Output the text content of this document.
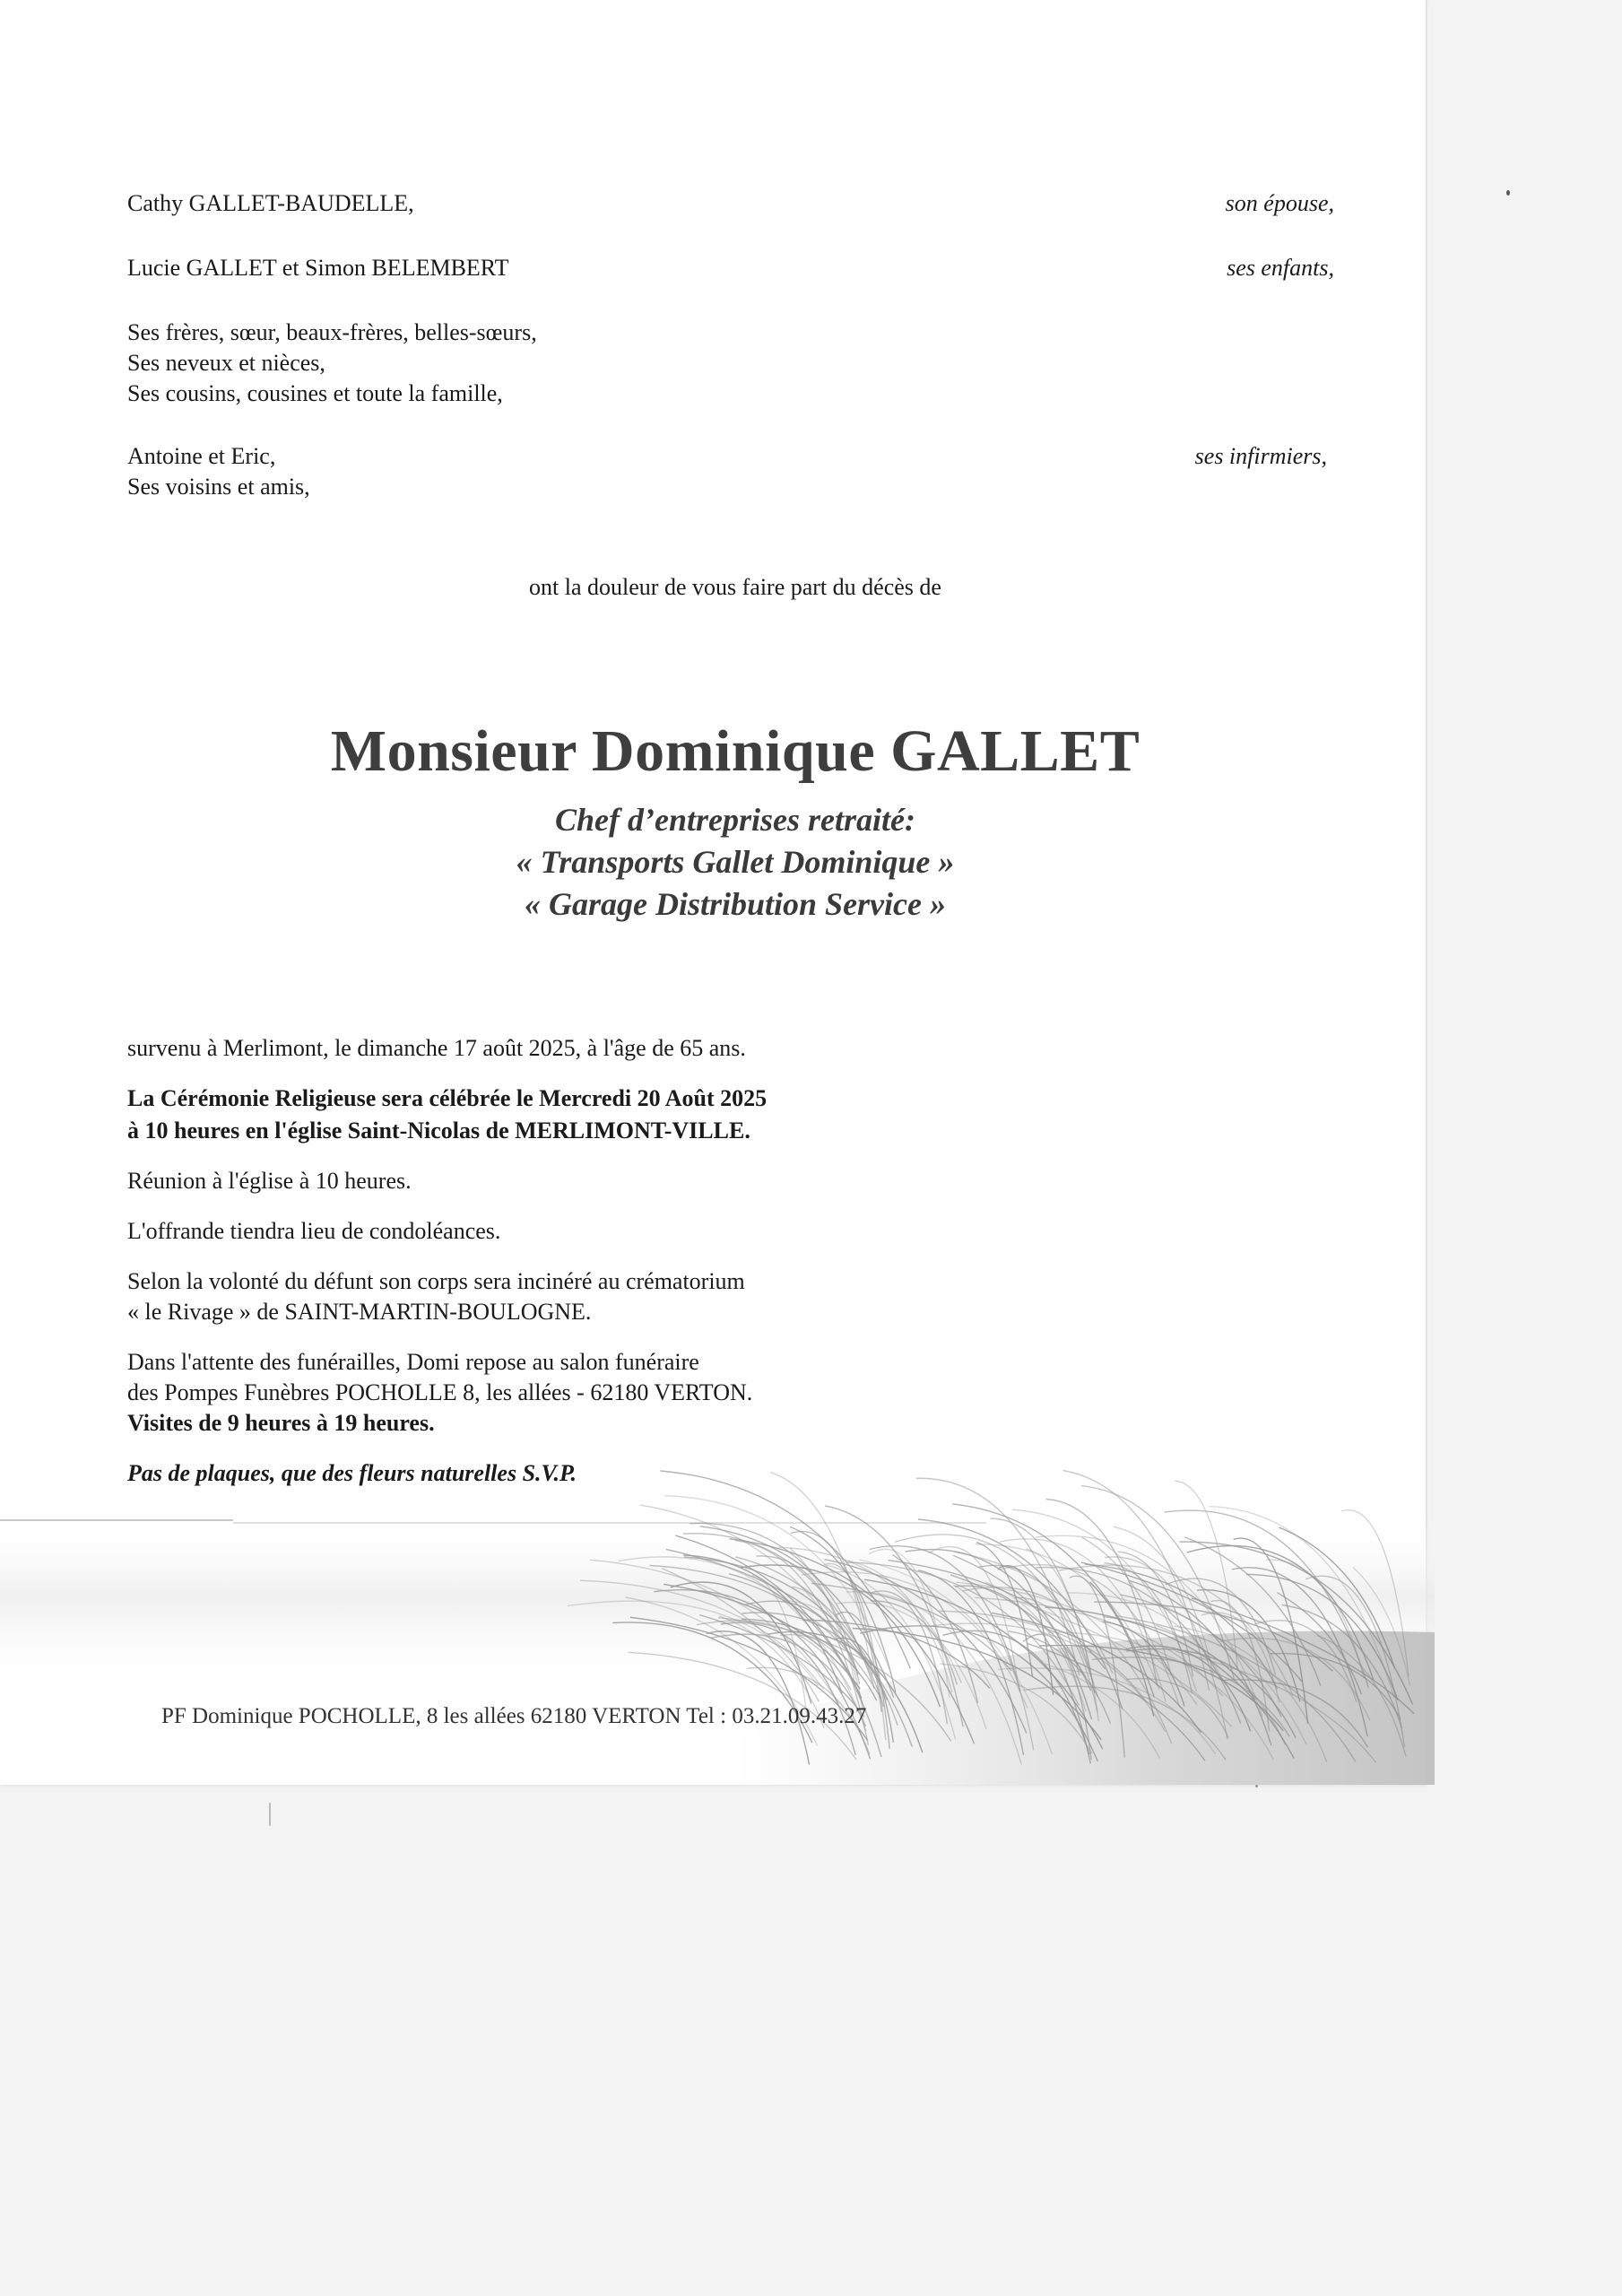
Cathy GALLET-BAUDELLE,	son épouse,
Lucie GALLET et Simon BELEMBERT	ses enfants,
Ses frères, sœur, beaux-frères, belles-sœurs,
Ses neveux et nièces,
Ses cousins, cousines et toute la famille,
Antoine et Eric,	ses infirmiers,
Ses voisins et amis,
ont la douleur de vous faire part du décès de
Monsieur Dominique GALLET
Chef d’entreprises retraité:
« Transports Gallet Dominique »
« Garage Distribution Service »
survenu à Merlimont, le dimanche 17 août 2025, à l'âge de 65 ans.
La Cérémonie Religieuse sera célébrée le Mercredi 20 Août 2025
à 10 heures en l'église Saint-Nicolas de MERLIMONT-VILLE.
Réunion à l'église à 10 heures.
L'offrande tiendra lieu de condoléances.
Selon la volonté du défunt son corps sera incinéré au crématorium
« le Rivage » de SAINT-MARTIN-BOULOGNE.
Dans l'attente des funérailles, Domi repose au salon funéraire
des Pompes Funèbres POCHOLLE 8, les allées - 62180 VERTON.
Visites de 9 heures à 19 heures.
Pas de plaques, que des fleurs naturelles S.V.P.
PF Dominique POCHOLLE, 8 les allées 62180 VERTON Tel : 03.21.09.43.27
